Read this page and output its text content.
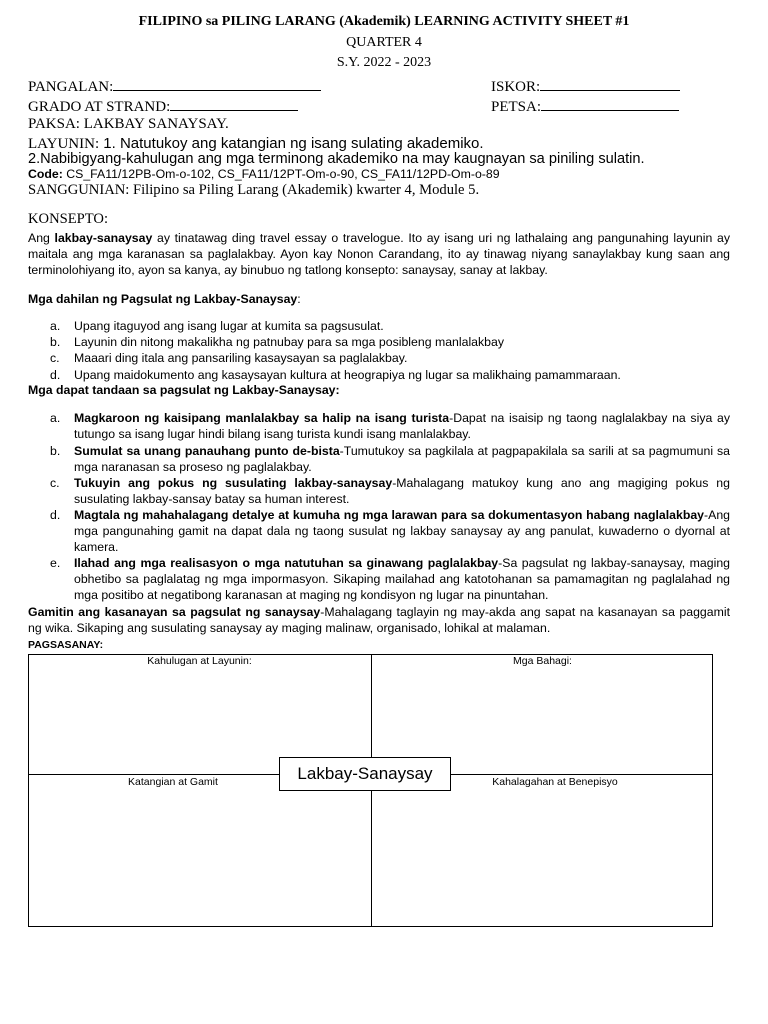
FILIPINO sa PILING LARANG (Akademik) LEARNING ACTIVITY SHEET #1
QUARTER 4
S.Y. 2022 - 2023
PANGALAN:	ISKOR:
GRADO AT STRAND:	PETSA:
PAKSA: LAKBAY SANAYSAY.
LAYUNIN: 1. Natutukoy ang katangian ng isang sulating akademiko.
2.Nabibigyang-kahulugan ang mga terminong akademiko na may kaugnayan sa piniling sulatin.
Code: CS_FA11/12PB-Om-o-102, CS_FA11/12PT-Om-o-90, CS_FA11/12PD-Om-o-89
SANGGUNIAN: Filipino sa Piling Larang (Akademik) kwarter 4, Module 5.
KONSEPTO:

Ang lakbay-sanaysay ay tinatawag ding travel essay o travelogue. Ito ay isang uri ng lathalaing ang pangunahing layunin ay maitala ang mga karanasan sa paglalakbay. Ayon kay Nonon Carandang, ito ay tinawag niyang sanaylakbay kung saan ang terminolohiyang ito, ayon sa kanya, ay binubuo ng tatlong konsepto: sanaysay, sanay at lakbay.

Mga dahilan ng Pagsulat ng Lakbay-Sanaysay:
a. Upang itaguyod ang isang lugar at kumita sa pagsusulat.
b. Layunin din nitong makalikha ng patnubay para sa mga posibleng manlalakbay
c. Maaari ding itala ang pansariling kasaysayan sa paglalakbay.
d. Upang maidokumento ang kasaysayan kultura at heograpiya ng lugar sa malikhaing pamammaraan.
Mga dapat tandaan sa pagsulat ng Lakbay-Sanaysay:
a. Magkaroon ng kaisipang manlalakbay sa halip na isang turista-Dapat na isaisip ng taong naglalakbay na siya ay tutungo sa isang lugar hindi bilang isang turista kundi isang manlalakbay.
b. Sumulat sa unang panauhang punto de-bista-Tumutukoy sa pagkilala at pagpapakilala sa sarili at sa pagmumuni sa mga naranasan sa proseso ng paglalakbay.
c. Tukuyin ang pokus ng susulating lakbay-sanaysay-Mahalagang matukoy kung ano ang magiging pokus ng susulating lakbay-sansay batay sa human interest.
d. Magtala ng mahahalagang detalye at kumuha ng mga larawan para sa dokumentasyon habang naglalakbay-Ang mga pangunahing gamit na dapat dala ng taong susulat ng lakbay sanaysay ay ang panulat, kuwaderno o dyornal at kamera.
e. Ilahad ang mga realisasyon o mga natutuhan sa ginawang paglalakbay-Sa pagsulat ng lakbay-sanaysay, maging obhetibo sa paglalatag ng mga impormasyon. Sikaping mailahad ang katotohanan sa pamamagitan ng paglalahad ng mga positibo at negatibong karanasan at maging ng kondisyon ng lugar na pinuntahan.

Gamitin ang kasanayan sa pagsulat ng sanaysay-Mahalagang taglayin ng may-akda ang sapat na kasanayan sa paggamit ng wika. Sikaping ang susulating sanaysay ay maging malinaw, organisado, lohikal at malaman.

PAGSASANAY:
Kahulugan at Layunin:	Mga Bahagi:
Katangian at Gamit	Kahalagahan at Benepisyo
Lakbay-Sanaysay
